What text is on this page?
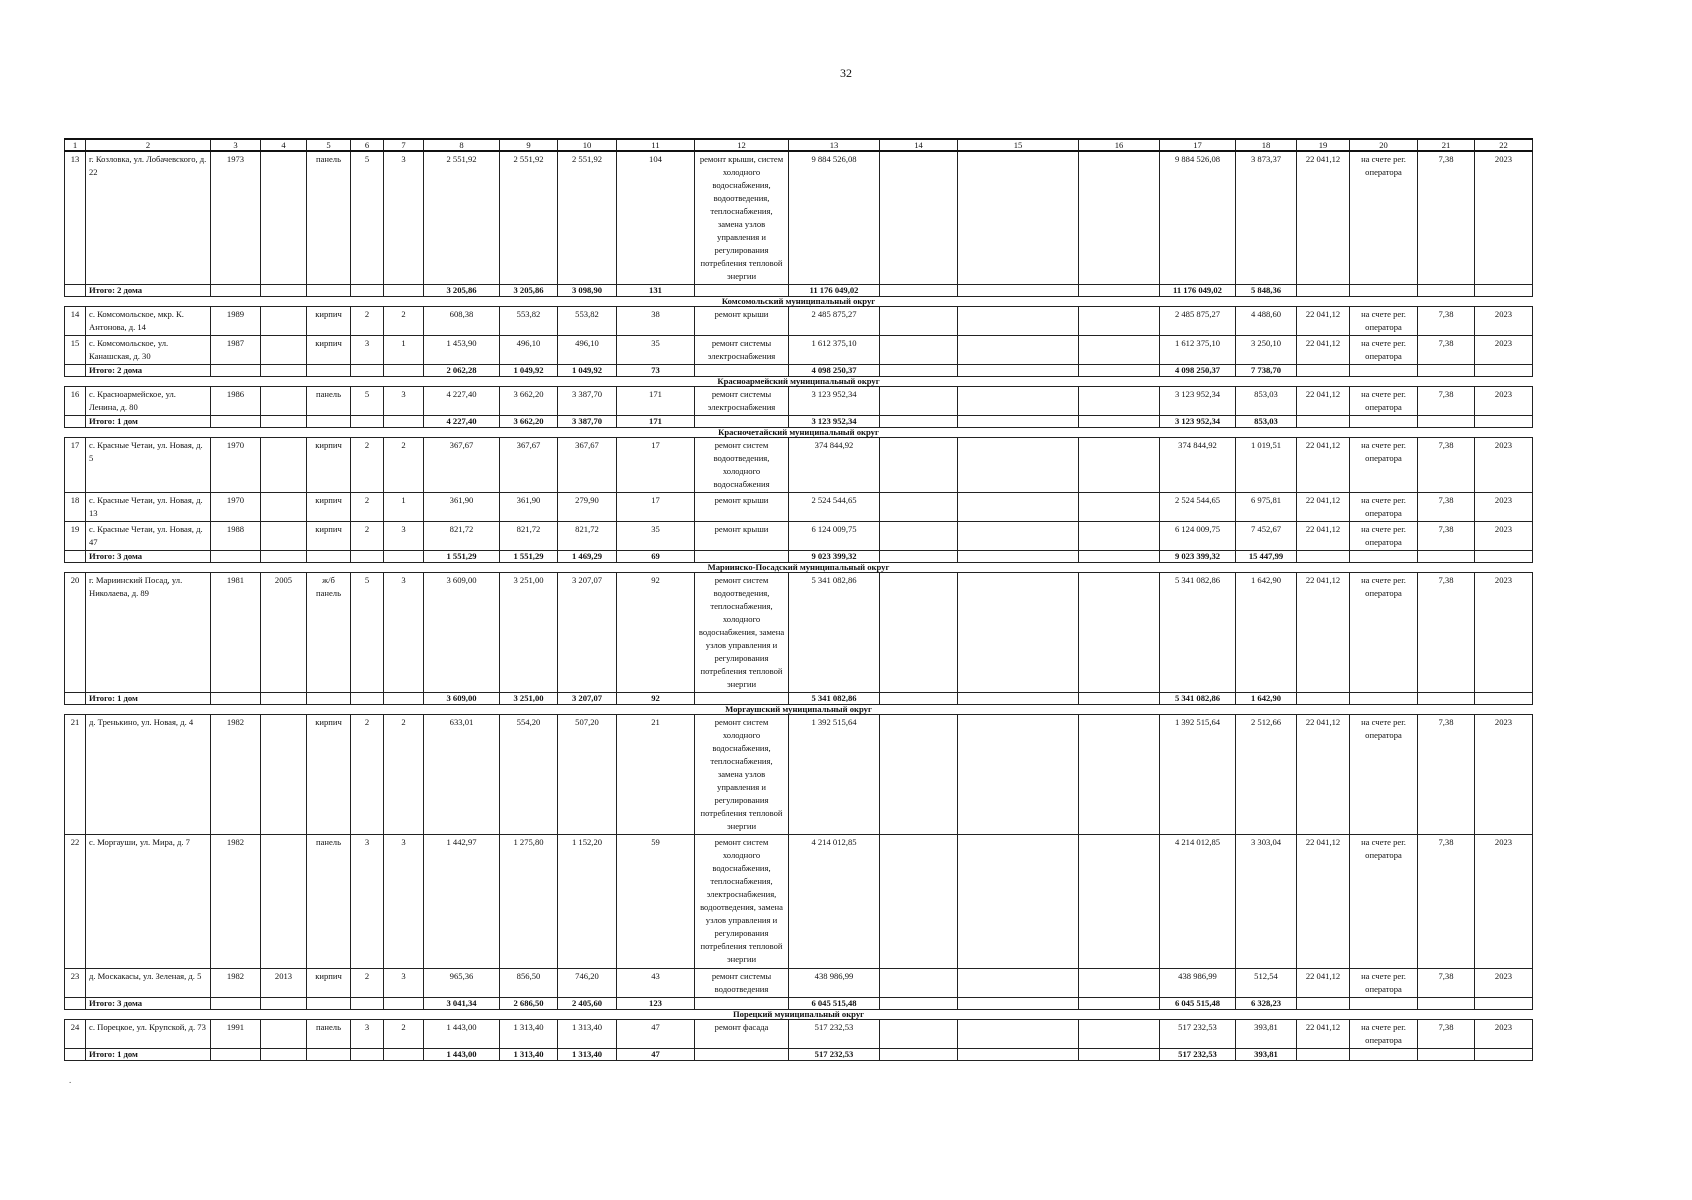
32
1	2	3	4	5	6	7	8	9	10	11	12	13	14	15	16	17	18	19	20	21	22
13	г. Козловка, ул. Лобачевского, д. 22	1973		панель	5	3	2 551,92	2 551,92	2 551,92	104	ремонт крыши, систем холодного водоснабжения, водоотведения, теплоснабжения, замена узлов управления и регулирования потребления тепловой энергии	9 884 526,08				9 884 526,08	3 873,37	22 041,12	на счете рег. оператора	7,38	2023
	Итого: 2 дома						3 205,86	3 205,86	3 098,90	131		11 176 049,02				11 176 049,02	5 848,36				
Комсомольский муниципальный округ																					
14	с. Комсомольское, мкр. К. Антонова, д. 14	1989		кирпич	2	2	608,38	553,82	553,82	38	ремонт крыши	2 485 875,27				2 485 875,27	4 488,60	22 041,12	на счете рег. оператора	7,38	2023
15	с. Комсомольское, ул. Канашская, д. 30	1987		кирпич	3	1	1 453,90	496,10	496,10	35	ремонт системы электроснабжения	1 612 375,10				1 612 375,10	3 250,10	22 041,12	на счете рег. оператора	7,38	2023
	Итого: 2 дома						2 062,28	1 049,92	1 049,92	73		4 098 250,37				4 098 250,37	7 738,70				
Красноармейский муниципальный округ																					
16	с. Красноармейское, ул. Ленина, д. 80	1986		панель	5	3	4 227,40	3 662,20	3 387,70	171	ремонт системы электроснабжения	3 123 952,34				3 123 952,34	853,03	22 041,12	на счете рег. оператора	7,38	2023
	Итого: 1 дом						4 227,40	3 662,20	3 387,70	171		3 123 952,34				3 123 952,34	853,03				
Красночетайский муниципальный округ																					
17	с. Красные Четаи, ул. Новая, д. 5	1970		кирпич	2	2	367,67	367,67	367,67	17	ремонт систем водоотведения, холодного водоснабжения	374 844,92				374 844,92	1 019,51	22 041,12	на счете рег. оператора	7,38	2023
18	с. Красные Четаи, ул. Новая, д. 13	1970		кирпич	2	1	361,90	361,90	279,90	17	ремонт крыши	2 524 544,65				2 524 544,65	6 975,81	22 041,12	на счете рег. оператора	7,38	2023
19	с. Красные Четаи, ул. Новая, д. 47	1988		кирпич	2	3	821,72	821,72	821,72	35	ремонт крыши	6 124 009,75				6 124 009,75	7 452,67	22 041,12	на счете рег. оператора	7,38	2023
	Итого: 3 дома						1 551,29	1 551,29	1 469,29	69		9 023 399,32				9 023 399,32	15 447,99				
Мариинско-Посадский муниципальный округ																					
20	г. Мариинский Посад, ул. Николаева, д. 89	1981	2005	ж/б панель	5	3	3 609,00	3 251,00	3 207,07	92	ремонт систем водоотведения, теплоснабжения, холодного водоснабжения, замена узлов управления и регулирования потребления тепловой энергии	5 341 082,86				5 341 082,86	1 642,90	22 041,12	на счете рег. оператора	7,38	2023
	Итого: 1 дом						3 609,00	3 251,00	3 207,07	92		5 341 082,86				5 341 082,86	1 642,90				
Моргаушский муниципальный округ																					
21	д. Тренькино, ул. Новая, д. 4	1982		кирпич	2	2	633,01	554,20	507,20	21	ремонт систем холодного водоснабжения, теплоснабжения, замена узлов управления и регулирования потребления тепловой энергии	1 392 515,64				1 392 515,64	2 512,66	22 041,12	на счете рег. оператора	7,38	2023
22	с. Моргауши, ул. Мира, д. 7	1982		панель	3	3	1 442,97	1 275,80	1 152,20	59	ремонт систем холодного водоснабжения, теплоснабжения, электроснабжения, водоотведения, замена узлов управления и регулирования потребления тепловой энергии	4 214 012,85				4 214 012,85	3 303,04	22 041,12	на счете рег. оператора	7,38	2023
23	д. Москакасы, ул. Зеленая, д. 5	1982	2013	кирпич	2	3	965,36	856,50	746,20	43	ремонт системы водоотведения	438 986,99				438 986,99	512,54	22 041,12	на счете рег. оператора	7,38	2023
	Итого: 3 дома						3 041,34	2 686,50	2 405,60	123		6 045 515,48				6 045 515,48	6 328,23				
Порецкий муниципальный округ																					
24	с. Порецкое, ул. Крупской, д. 73	1991		панель	3	2	1 443,00	1 313,40	1 313,40	47	ремонт фасада	517 232,53				517 232,53	393,81	22 041,12	на счете рег. оператора	7,38	2023
	Итого: 1 дом						1 443,00	1 313,40	1 313,40	47		517 232,53				517 232,53	393,81				
.
